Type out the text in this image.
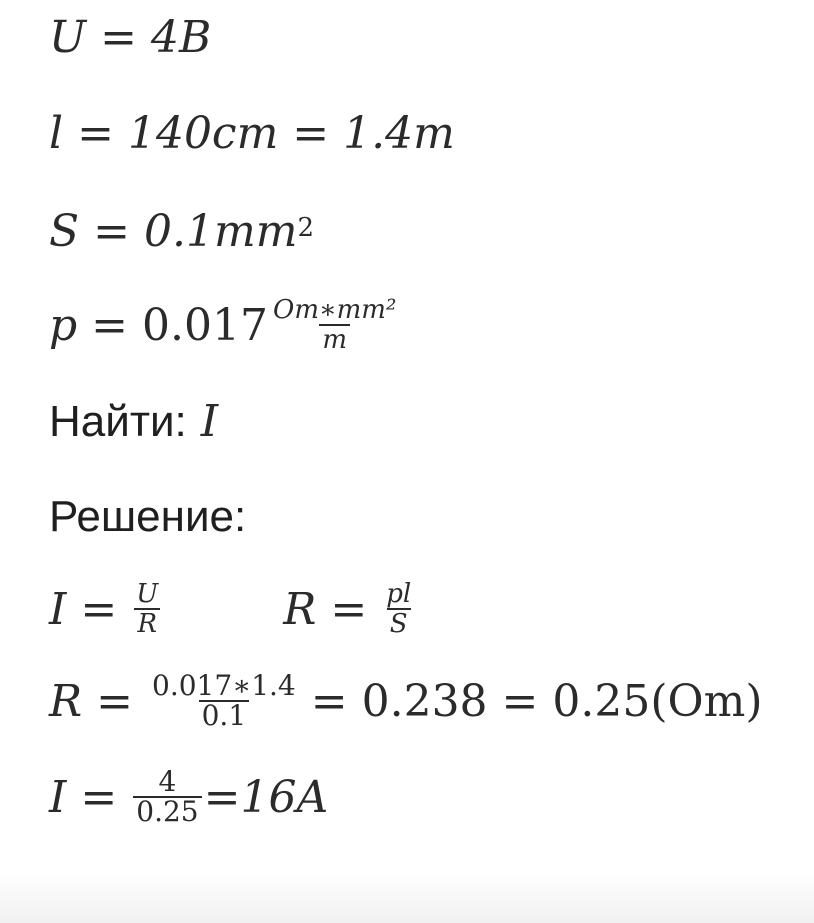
U = 4B
l = 140cm = 1.4m
$S = 0.1mm^2$
$p = 0.017 \frac{\text{Om∗mm²}}{m}$
Найти: I
Решение:
$I = \frac{U}{R}$	$R = \frac{pl}{S}$
$R = \frac{0.017∗1.4}{0.1} = 0.238 = 0.25(Om)$
$I = \frac{4}{0.25} =16A$
